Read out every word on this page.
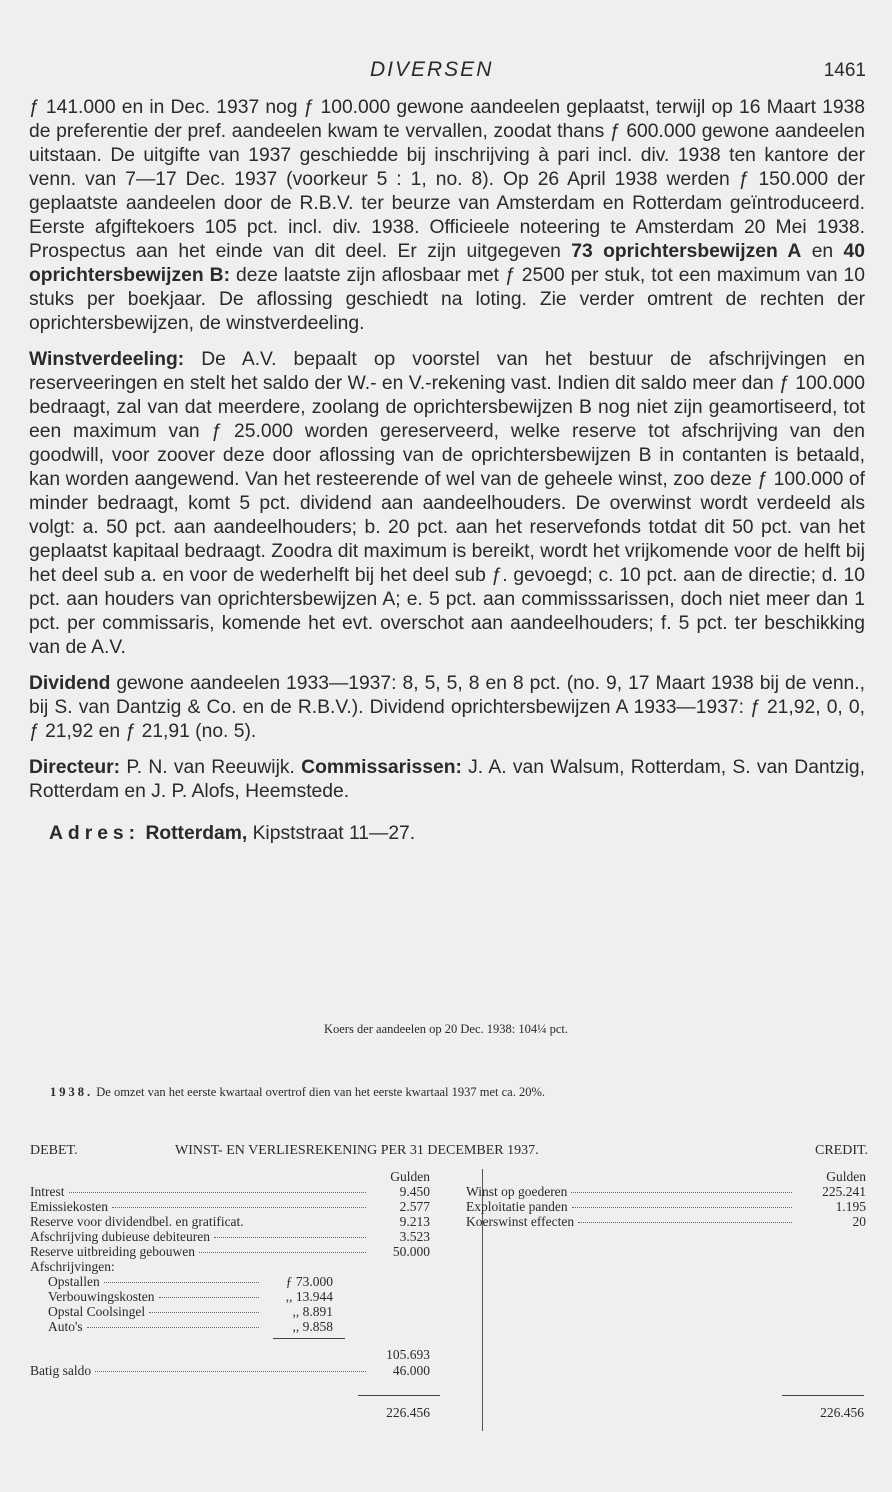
DIVERSEN	1461

ƒ 141.000 en in Dec. 1937 nog ƒ 100.000 gewone aandeelen geplaatst, terwijl op 16 Maart 1938 de preferentie der pref. aandeelen kwam te vervallen, zoodat thans ƒ 600.000 gewone aandeelen uitstaan. De uitgifte van 1937 geschiedde bij inschrijving à pari incl. div. 1938 ten kantore der venn. van 7—17 Dec. 1937 (voorkeur 5 : 1, no. 8). Op 26 April 1938 werden ƒ 150.000 der geplaatste aandeelen door de R.B.V. ter beurze van Amsterdam en Rotterdam geïntroduceerd. Eerste afgiftekoers 105 pct. incl. div. 1938. Officieele noteering te Amsterdam 20 Mei 1938. Prospectus aan het einde van dit deel. Er zijn uitgegeven 73 oprichtersbewijzen A en 40 oprichtersbewijzen B: deze laatste zijn aflosbaar met ƒ 2500 per stuk, tot een maximum van 10 stuks per boekjaar. De aflossing geschiedt na loting. Zie verder omtrent de rechten der oprichtersbewijzen, de winstverdeeling.

Winstverdeeling: De A.V. bepaalt op voorstel van het bestuur de afschrijvingen en reserveeringen en stelt het saldo der W.- en V.-rekening vast. Indien dit saldo meer dan ƒ 100.000 bedraagt, zal van dat meerdere, zoolang de oprichtersbewijzen B nog niet zijn geamortiseerd, tot een maximum van ƒ 25.000 worden gereserveerd, welke reserve tot afschrijving van den goodwill, voor zoover deze door aflossing van de oprichtersbewijzen B in contanten is betaald, kan worden aangewend. Van het resteerende of wel van de geheele winst, zoo deze ƒ 100.000 of minder bedraagt, komt 5 pct. dividend aan aandeelhouders. De overwinst wordt verdeeld als volgt: a. 50 pct. aan aandeelhouders; b. 20 pct. aan het reservefonds totdat dit 50 pct. van het geplaatst kapitaal bedraagt. Zoodra dit maximum is bereikt, wordt het vrijkomende voor de helft bij het deel sub a. en voor de wederhelft bij het deel sub ƒ. gevoegd; c. 10 pct. aan de directie; d. 10 pct. aan houders van oprichtersbewijzen A; e. 5 pct. aan commisssarissen, doch niet meer dan 1 pct. per commissaris, komende het evt. overschot aan aandeelhouders; f. 5 pct. ter beschikking van de A.V.

Dividend gewone aandeelen 1933—1937: 8, 5, 5, 8 en 8 pct. (no. 9, 17 Maart 1938 bij de venn., bij S. van Dantzig & Co. en de R.B.V.). Dividend oprichtersbewijzen A 1933—1937: ƒ 21,92, 0, 0, ƒ 21,92 en ƒ 21,91 (no. 5).

Directeur: P. N. van Reeuwijk. Commissarissen: J. A. van Walsum, Rotterdam, S. van Dantzig, Rotterdam en J. P. Alofs, Heemstede.

Adres: Rotterdam, Kipststraat 11—27.

Koers der aandeelen op 20 Dec. 1938: 104¼ pct.
1938. De omzet van het eerste kwartaal overtrof dien van het eerste kwartaal 1937 met ca. 20%.
DEBET.	WINST- EN VERLIESREKENING PER 31 DECEMBER 1937.	CREDIT.
Gulden	Gulden
Intrest	9.450
Emissiekosten	2.577
Reserve voor dividendbel. en gratificat.	9.213
Afschrijving dubieuse debiteuren	3.523
Reserve uitbreiding gebouwen	50.000
Afschrijvingen:
Opstallen	ƒ 73.000
Verbouwingskosten	,, 13.944
Opstal Coolsingel	,, 8.891
Auto's	,, 9.858
105.693
Batig saldo	46.000
226.456
Winst op goederen	225.241
Exploitatie panden	1.195
Koerswinst effecten	20
226.456
